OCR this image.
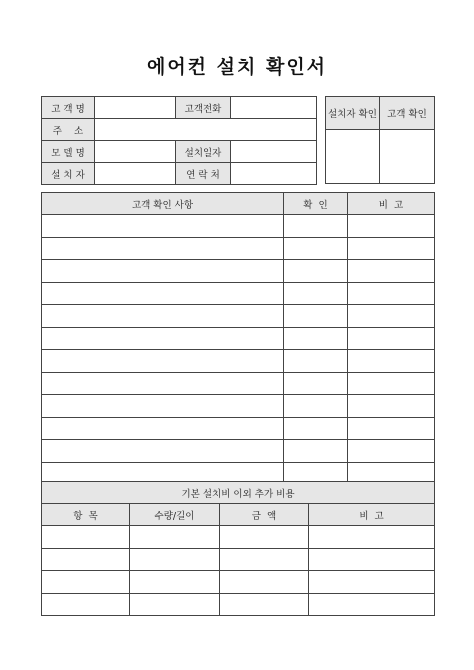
에어컨 설치 확인서
고 객 명		고객전화	
주    소			
모 델 명		설치일자	
설 치 자		연 락 처	
설치자 확인	고객 확인

고객 확인 사항	확  인	비  고

기본 설치비 이외 추가 비용			
항  목	수량/길이	금  액	비  고
